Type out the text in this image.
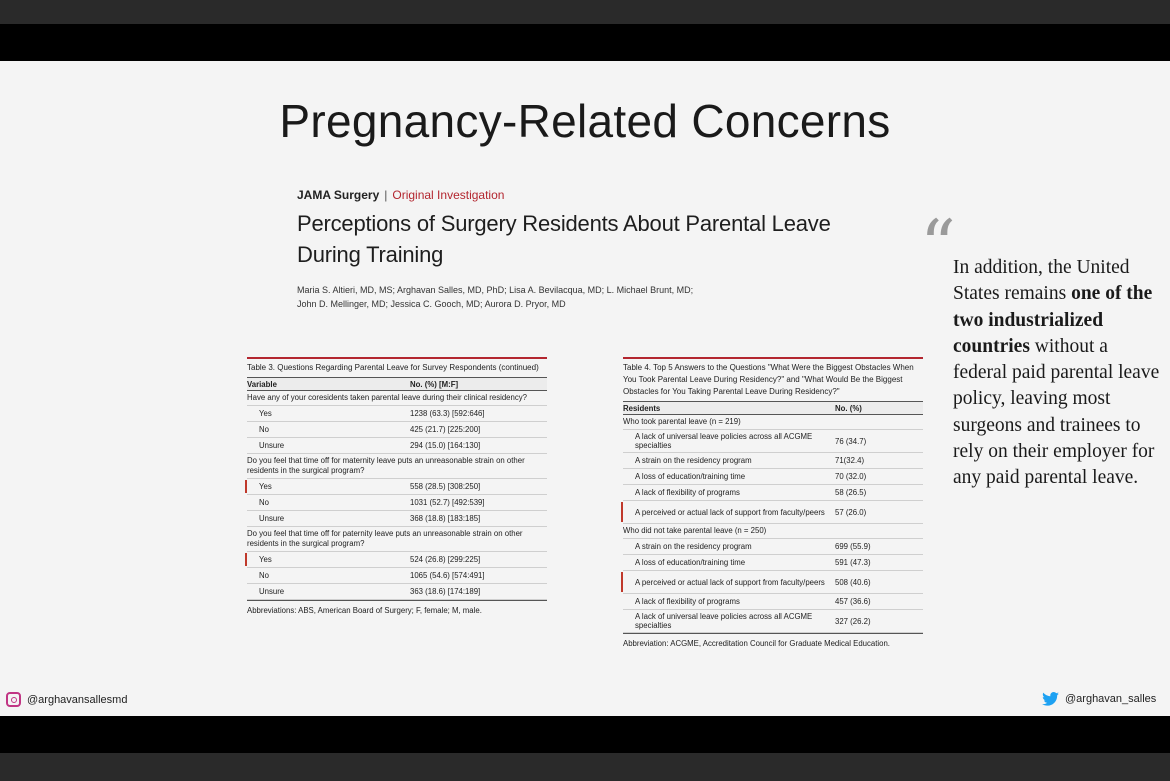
Pregnancy-Related Concerns
JAMA Surgery | Original Investigation
Perceptions of Surgery Residents About Parental Leave During Training
Maria S. Altieri, MD, MS; Arghavan Salles, MD, PhD; Lisa A. Bevilacqua, MD; L. Michael Brunt, MD;
John D. Mellinger, MD; Jessica C. Gooch, MD; Aurora D. Pryor, MD
Table 3. Questions Regarding Parental Leave for Survey Respondents (continued)
Variable	No. (%) [M:F]
Have any of your coresidents taken parental leave during their clinical residency?
Yes	1238 (63.3) [592:646]
No	425 (21.7) [225:200]
Unsure	294 (15.0) [164:130]
Do you feel that time off for maternity leave puts an unreasonable strain on other residents in the surgical program?
Yes	558 (28.5) [308:250]
No	1031 (52.7) [492:539]
Unsure	368 (18.8) [183:185]
Do you feel that time off for paternity leave puts an unreasonable strain on other residents in the surgical program?
Yes	524 (26.8) [299:225]
No	1065 (54.6) [574:491]
Unsure	363 (18.6) [174:189]
Abbreviations: ABS, American Board of Surgery; F, female; M, male.
Table 4. Top 5 Answers to the Questions "What Were the Biggest Obstacles When You Took Parental Leave During Residency?" and "What Would Be the Biggest Obstacles for You Taking Parental Leave During Residency?"
Residents	No. (%)
Who took parental leave (n = 219)
A lack of universal leave policies across all ACGME specialties	76 (34.7)
A strain on the residency program	71(32.4)
A loss of education/training time	70 (32.0)
A lack of flexibility of programs	58 (26.5)
A perceived or actual lack of support from faculty/peers	57 (26.0)
Who did not take parental leave (n = 250)
A strain on the residency program	699 (55.9)
A loss of education/training time	591 (47.3)
A perceived or actual lack of support from faculty/peers	508 (40.6)
A lack of flexibility of programs	457 (36.6)
A lack of universal leave policies across all ACGME specialties	327 (26.2)
Abbreviation: ACGME, Accreditation Council for Graduate Medical Education.
“
In addition, the United States remains one of the two industrialized countries without a federal paid parental leave policy, leaving most surgeons and trainees to rely on their employer for any paid parental leave.
@arghavansallesmd	@arghavan_salles
